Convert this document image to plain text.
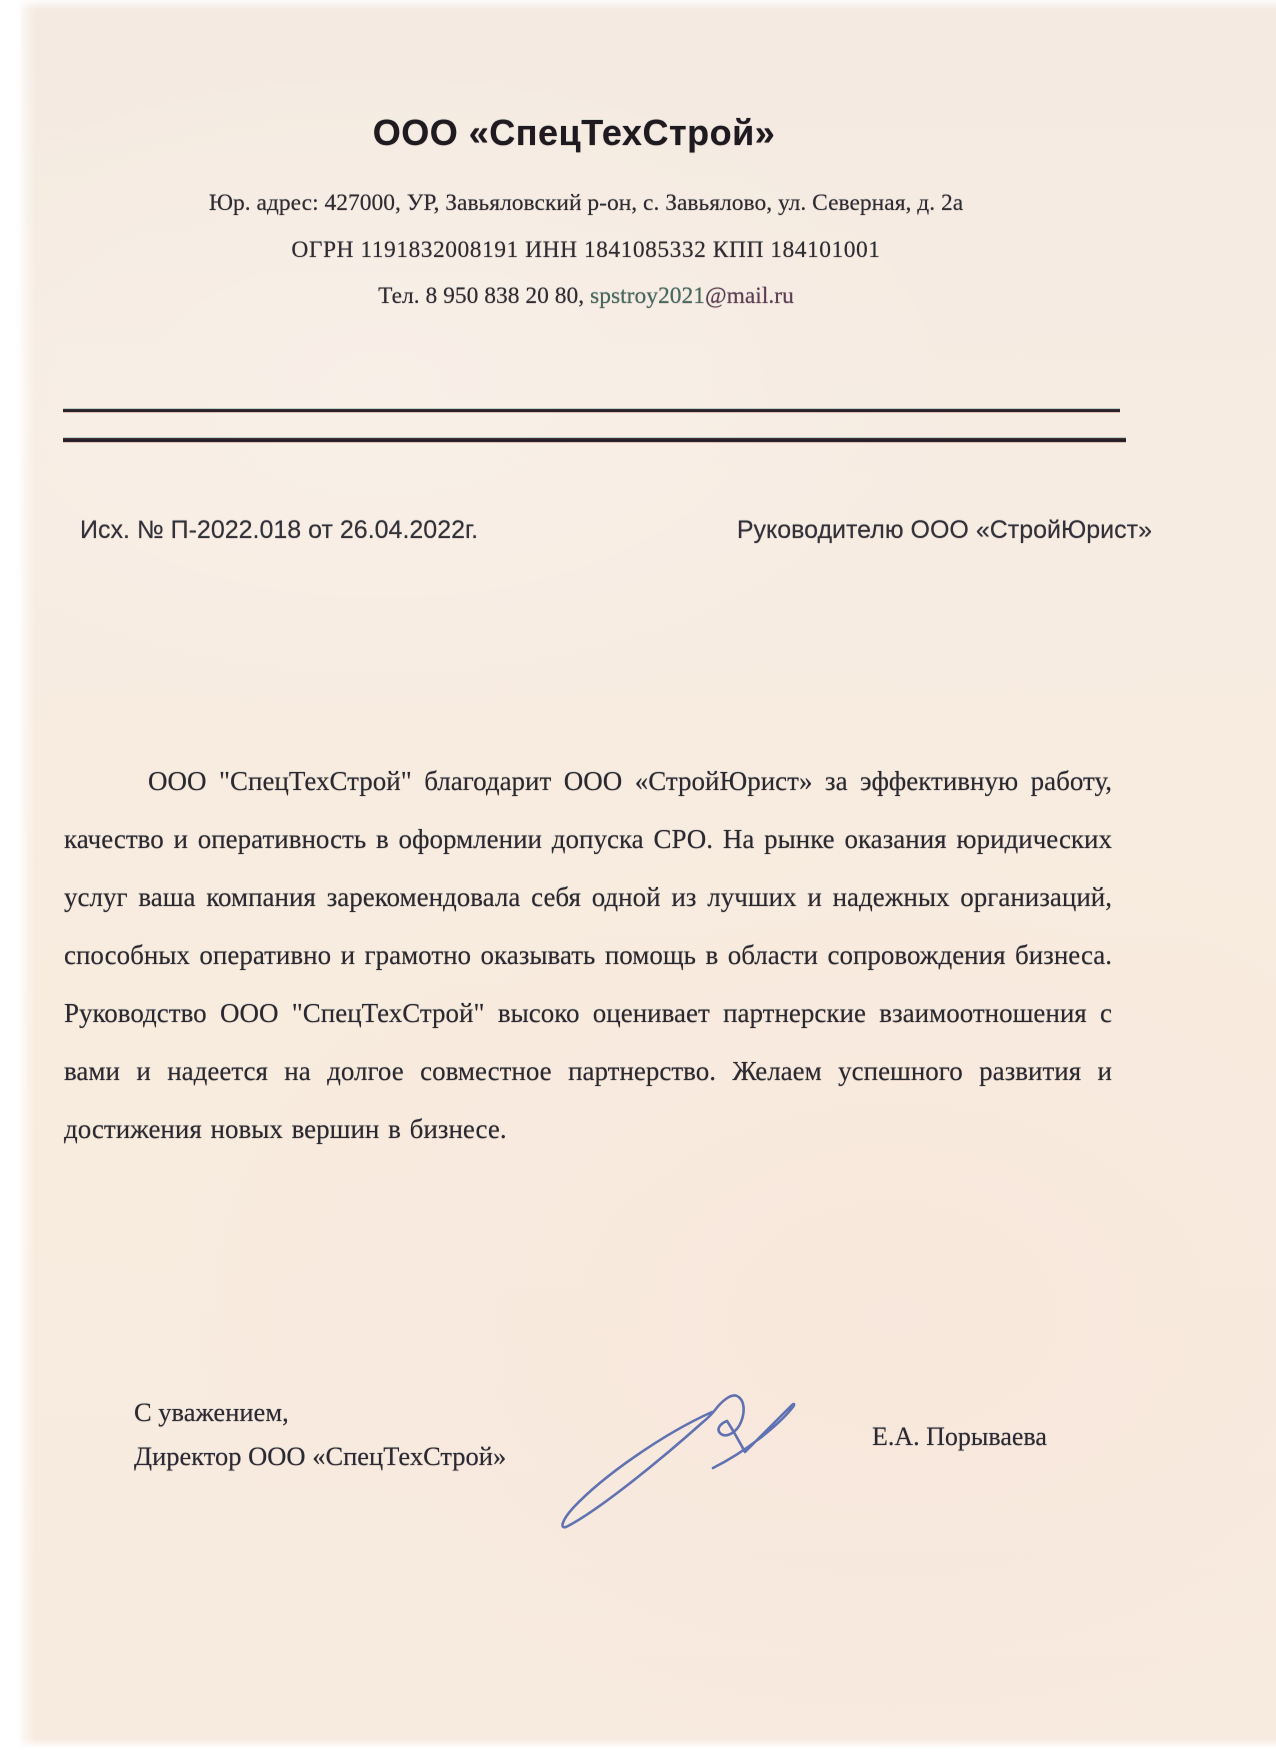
ООО «СпецТехСтрой»
Юр. адрес: 427000, УР, Завьяловский р-он, с. Завьялово, ул. Северная, д. 2а
ОГРН 1191832008191 ИНН 1841085332 КПП 184101001
Тел. 8 950 838 20 80, spstroy2021@mail.ru
Исх. № П-2022.018 от 26.04.2022г.	Руководителю ООО «СтройЮрист»
ООО "СпецТехСтрой" благодарит ООО «СтройЮрист» за эффективную работу, качество и оперативность в оформлении допуска СРО. На рынке оказания юридических услуг ваша компания зарекомендовала себя одной из лучших и надежных организаций, способных оперативно и грамотно оказывать помощь в области сопровождения бизнеса. Руководство ООО "СпецТехСтрой" высоко оценивает партнерские взаимоотношения с вами и надеется на долгое совместное партнерство. Желаем успешного развития и достижения новых вершин в бизнесе.
С уважением,
Директор ООО «СпецТехСтрой»
Е.А. Порываева
